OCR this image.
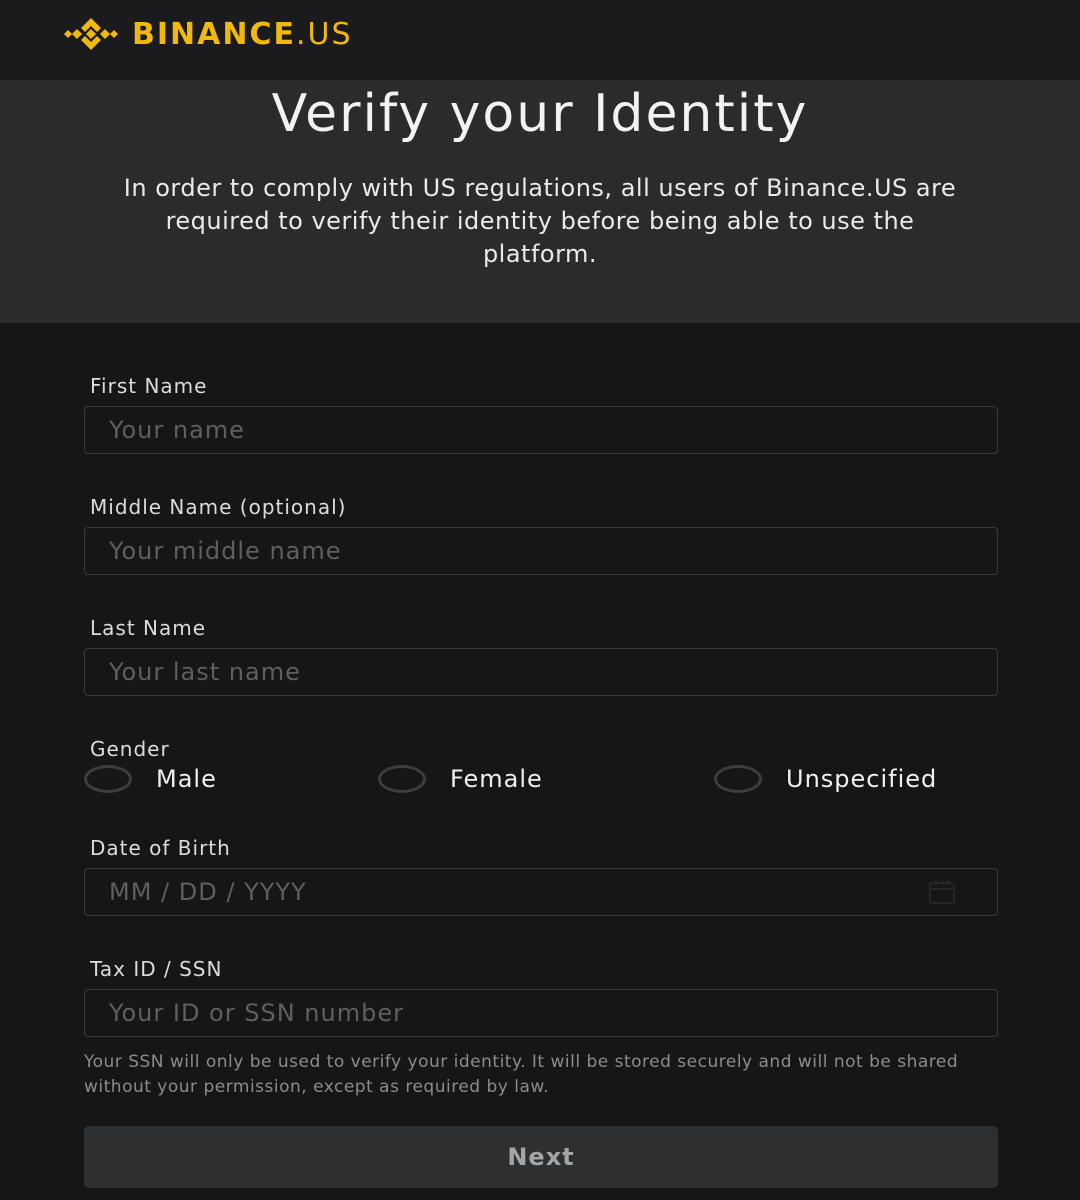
BINANCE.US
Verify your Identity

In order to comply with US regulations, all users of Binance.US are required to verify their identity before being able to use the platform.

First Name
Your name
Middle Name (optional)
Your middle name
Last Name
Your last name
Gender
Male	Female	Unspecified
Date of Birth
MM / DD / YYYY
Tax ID / SSN
Your ID or SSN number

Your SSN will only be used to verify your identity. It will be stored securely and will not be shared without your permission, except as required by law.

Next
